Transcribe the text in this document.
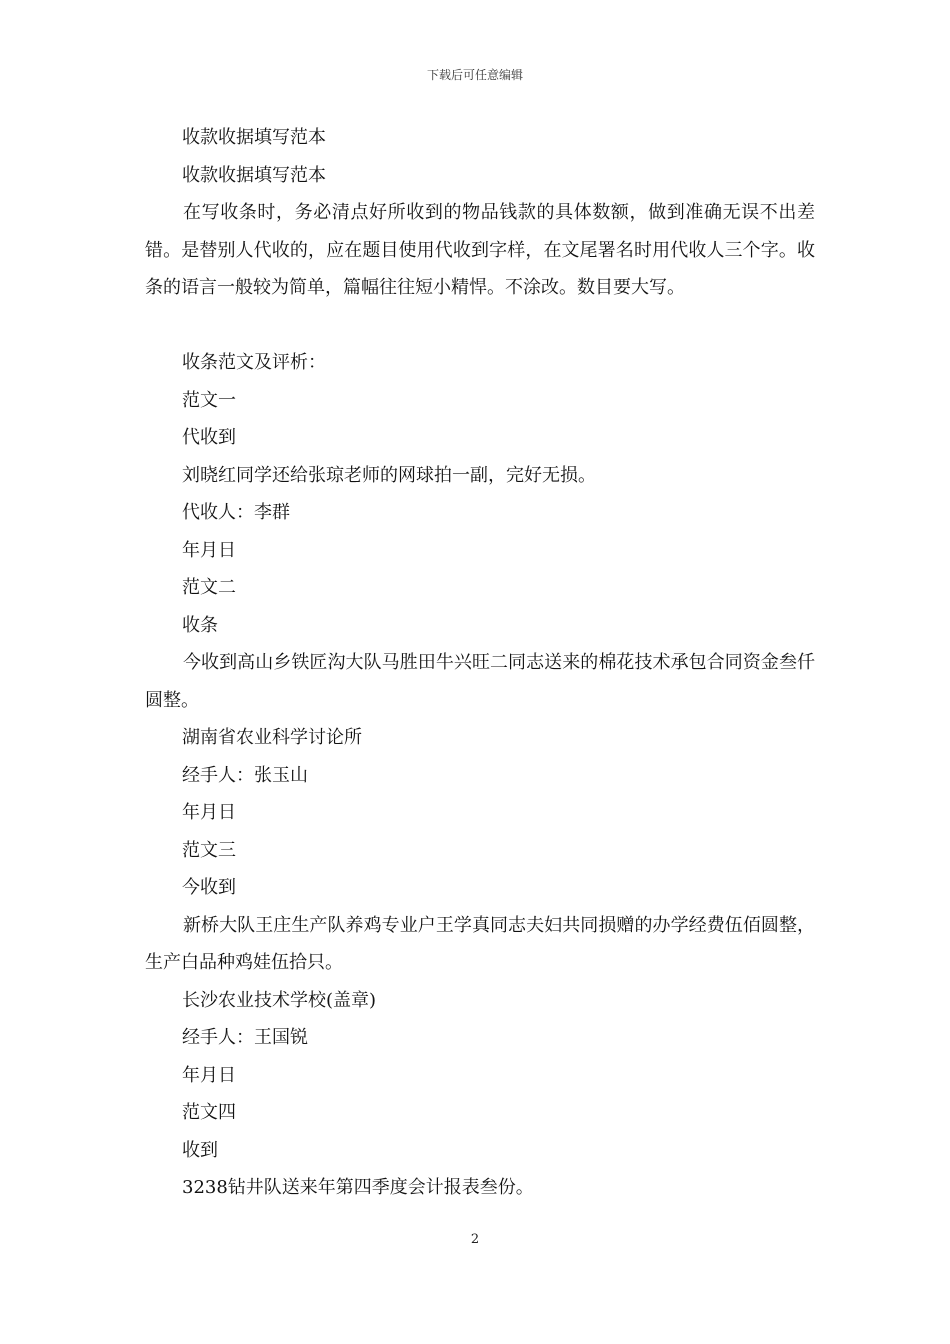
下载后可任意编辑
收款收据填写范本
收款收据填写范本
在写收条时，务必清点好所收到的物品钱款的具体数额，做到准确无误不出差错。是替别人代收的，应在题目使用代收到字样，在文尾署名时用代收人三个字。收条的语言一般较为简单，篇幅往往短小精悍。不涂改。数目要大写。
收条范文及评析：
范文一
代收到
刘晓红同学还给张琼老师的网球拍一副，完好无损。
代收人：李群
年月日
范文二
收条
今收到高山乡铁匠沟大队马胜田牛兴旺二同志送来的棉花技术承包合同资金叁仟圆整。
湖南省农业科学讨论所
经手人：张玉山
年月日
范文三
今收到
新桥大队王庄生产队养鸡专业户王学真同志夫妇共同损赠的办学经费伍佰圆整，生产白品种鸡娃伍拾只。
长沙农业技术学校(盖章)
经手人：王国锐
年月日
范文四
收到
3238钻井队送来年第四季度会计报表叁份。
2
